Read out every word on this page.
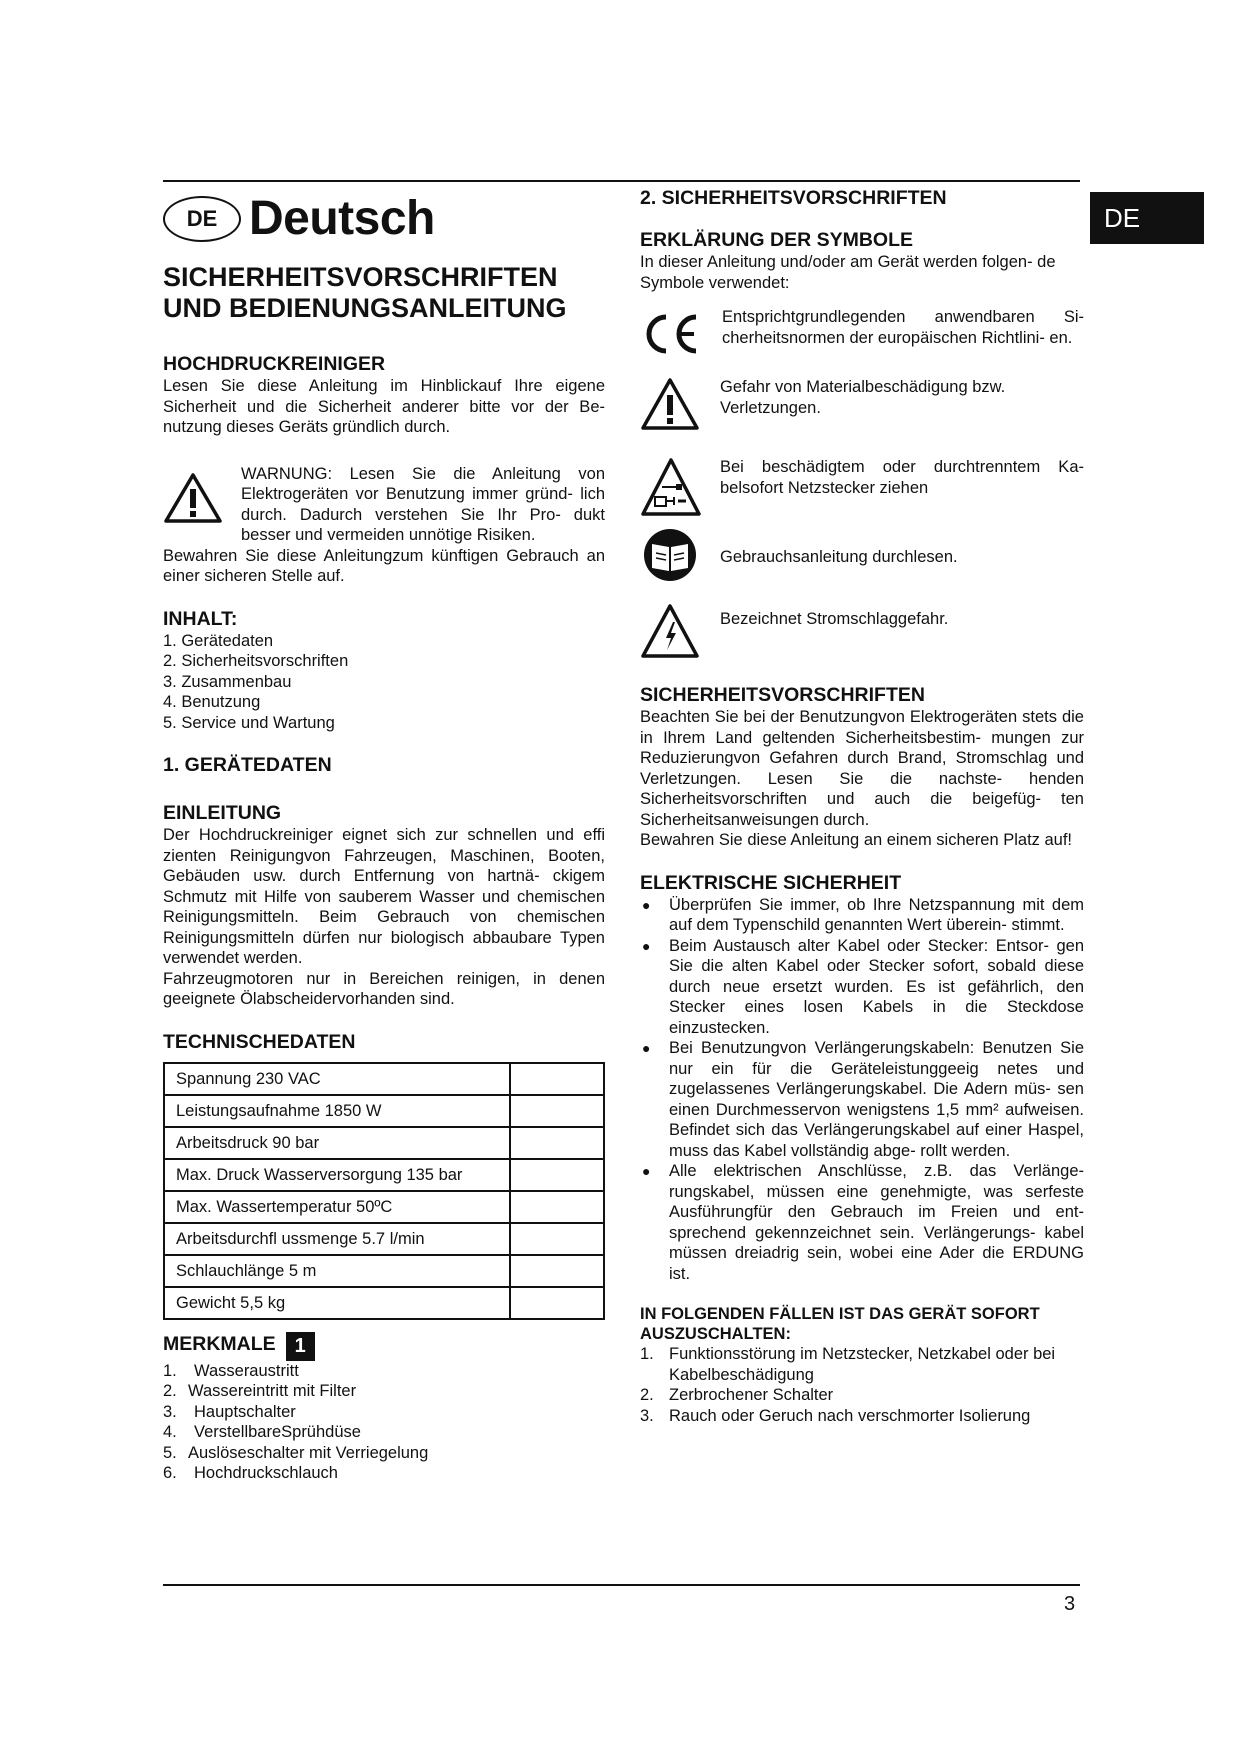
DE
DE Deutsch
SICHERHEITSVORSCHRIFTEN
UND BEDIENUNGSANLEITUNG
HOCHDRUCKREINIGER

Lesen Sie diese Anleitung im Hinblickauf Ihre eigene Sicherheit und die Sicherheit anderer bitte vor der Be- nutzung dieses Geräts gründlich durch.

WARNUNG: Lesen Sie die Anleitung von Elektrogeräten vor Benutzung immer gründ- lich durch. Dadurch verstehen Sie Ihr Pro- dukt besser und vermeiden unnötige Risiken.

Bewahren Sie diese Anleitungzum künftigen Gebrauch an einer sicheren Stelle auf.

INHALT:
1. Gerätedaten
2. Sicherheitsvorschriften
3. Zusammenbau
4. Benutzung
5. Service und Wartung
1. GERÄTEDATEN
EINLEITUNG

Der Hochdruckreiniger eignet sich zur schnellen und effi zienten Reinigungvon Fahrzeugen, Maschinen, Booten, Gebäuden usw. durch Entfernung von hartnä- ckigem Schmutz mit Hilfe von sauberem Wasser und chemischen Reinigungsmitteln. Beim Gebrauch von chemischen Reinigungsmitteln dürfen nur biologisch abbaubare Typen verwendet werden.

Fahrzeugmotoren nur in Bereichen reinigen, in denen geeignete Ölabscheidervorhanden sind.

TECHNISCHEDATEN
Spannung 230 VAC	
Leistungsaufnahme 1850 W	
Arbeitsdruck 90 bar	
Max. Druck Wasserversorgung 135 bar	
Max. Wassertemperatur 50ºC	
Arbeitsdurchfl ussmenge 5.7 l/min	
Schlauchlänge 5 m	
Gewicht 5,5 kg	
MERKMALE 1
1.	Wasseraustritt
2. Wassereintritt mit Filter
3.	Hauptschalter
4.	VerstellbareSprühdüse
5. Auslöseschalter mit Verriegelung
6.	Hochdruckschlauch
2. SICHERHEITSVORSCHRIFTEN
ERKLÄRUNG DER SYMBOLE

In dieser Anleitung und/oder am Gerät werden folgen- de Symbole verwendet:

Entsprichtgrundlegenden anwendbaren Si- cherheitsnormen der europäischen Richtlini- en.

Gefahr von Materialbeschädigung bzw. Verletzungen.

Bei beschädigtem oder durchtrenntem Ka- belsofort Netzstecker ziehen

Gebrauchsanleitung durchlesen.

Bezeichnet Stromschlaggefahr.

SICHERHEITSVORSCHRIFTEN

Beachten Sie bei der Benutzungvon Elektrogeräten stets die in Ihrem Land geltenden Sicherheitsbestim- mungen zur Reduzierungvon Gefahren durch Brand, Stromschlag und Verletzungen. Lesen Sie die nachste- henden Sicherheitsvorschriften und auch die beigefüg- ten Sicherheitsanweisungen durch.

Bewahren Sie diese Anleitung an einem sicheren Platz auf!

ELEKTRISCHE SICHERHEIT
● Überprüfen Sie immer, ob Ihre Netzspannung mit dem auf dem Typenschild genannten Wert überein- stimmt.
● Beim Austausch alter Kabel oder Stecker: Entsor- gen Sie die alten Kabel oder Stecker sofort, sobald diese durch neue ersetzt wurden. Es ist gefährlich, den Stecker eines losen Kabels in die Steckdose einzustecken.
● Bei Benutzungvon Verlängerungskabeln: Benutzen Sie nur ein für die Geräteleistunggeeig netes und zugelassenes Verlängerungskabel. Die Adern müs- sen einen Durchmesservon wenigstens 1,5 mm² aufweisen. Befindet sich das Verlängerungskabel auf einer Haspel, muss das Kabel vollständig abge- rollt werden.
● Alle elektrischen Anschlüsse, z.B. das Verlänge- rungskabel, müssen eine genehmigte, was serfeste Ausführungfür den Gebrauch im Freien und ent- sprechend gekennzeichnet sein. Verlängerungs- kabel müssen dreiadrig sein, wobei eine Ader die ERDUNG ist.
IN FOLGENDEN FÄLLEN IST DAS GERÄT SOFORT AUSZUSCHALTEN:
1. Funktionsstörung im Netzstecker, Netzkabel oder bei Kabelbeschädigung
2. Zerbrochener Schalter
3. Rauch oder Geruch nach verschmorter Isolierung
3
